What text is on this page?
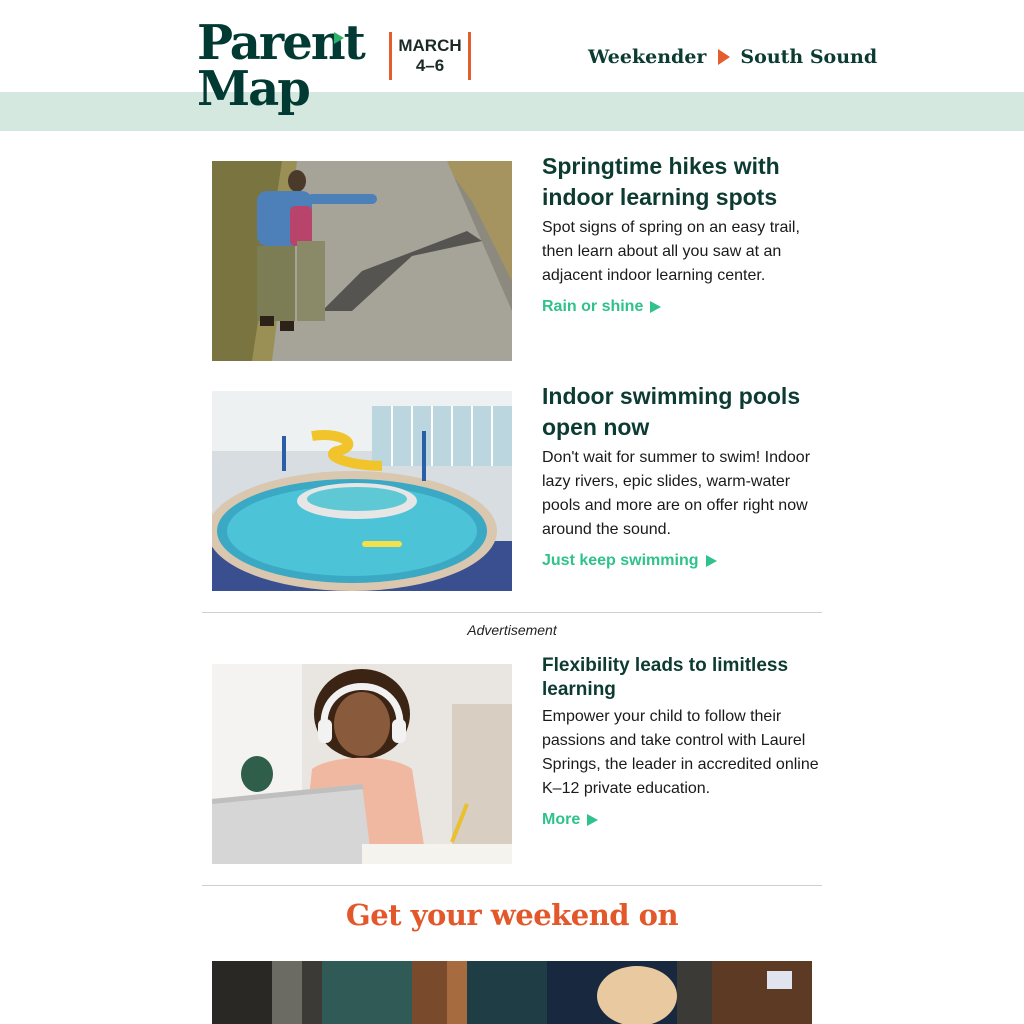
Parent
Map
MARCH
4–6	Weekender South Sound
Springtime hikes with indoor learning spots
Spot signs of spring on an easy trail, then learn about all you saw at an adjacent indoor learning center.
Rain or shine
Indoor swimming pools open now
Don't wait for summer to swim! Indoor lazy rivers, epic slides, warm-water pools and more are on offer right now around the sound.
Just keep swimming
Advertisement
Flexibility leads to limitless learning
Empower your child to follow their passions and take control with Laurel Springs, the leader in accredited online K–12 private education.
More
Get your weekend on
